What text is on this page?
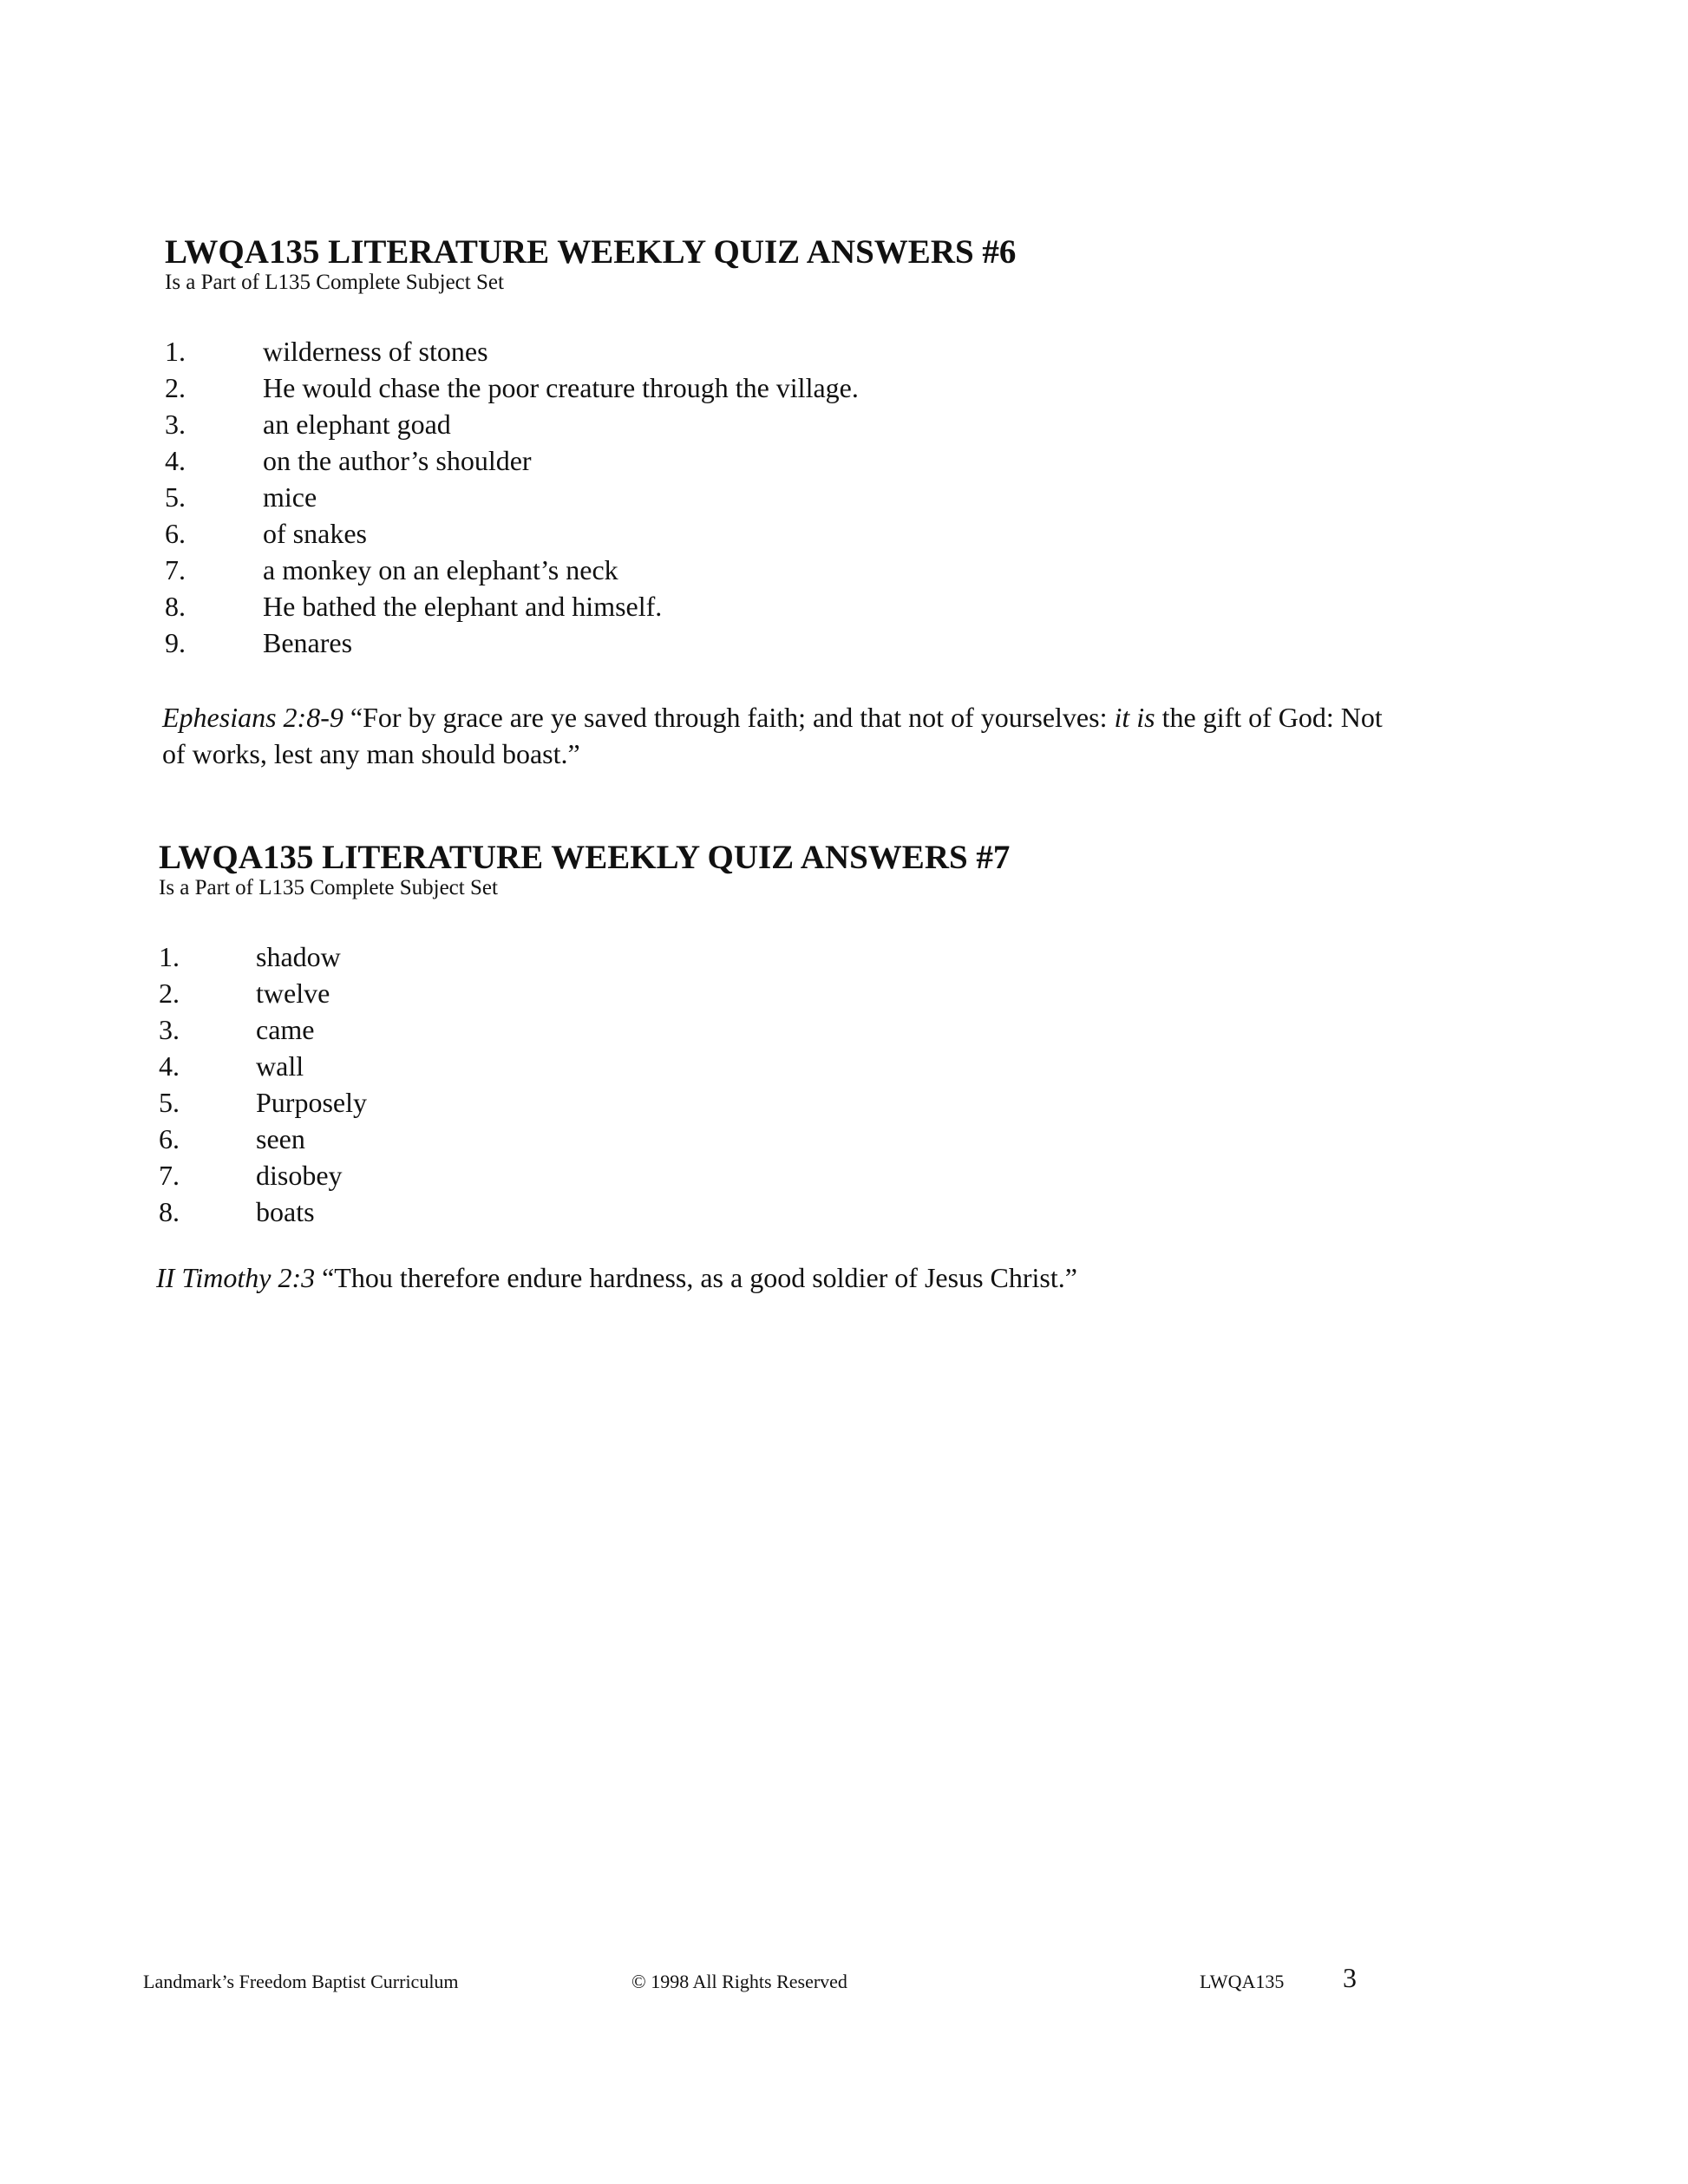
LWQA135 LITERATURE WEEKLY QUIZ ANSWERS #6
Is a Part of L135 Complete Subject Set
1.	wilderness of stones
2.	He would chase the poor creature through the village.
3.	an elephant goad
4.	on the author’s shoulder
5.	mice
6.	of snakes
7.	a monkey on an elephant’s neck
8.	He bathed the elephant and himself.
9.	Benares

Ephesians 2:8-9 “For by grace are ye saved through faith; and that not of yourselves: it is the gift of God: Not of works, lest any man should boast.”

LWQA135 LITERATURE WEEKLY QUIZ ANSWERS #7
Is a Part of L135 Complete Subject Set
1.	shadow
2.	twelve
3.	came
4.	wall
5.	Purposely
6.	seen
7.	disobey
8.	boats

II Timothy 2:3 “Thou therefore endure hardness, as a good soldier of Jesus Christ.”

Landmark’s Freedom Baptist Curriculum	© 1998 All Rights Reserved	LWQA135 3
